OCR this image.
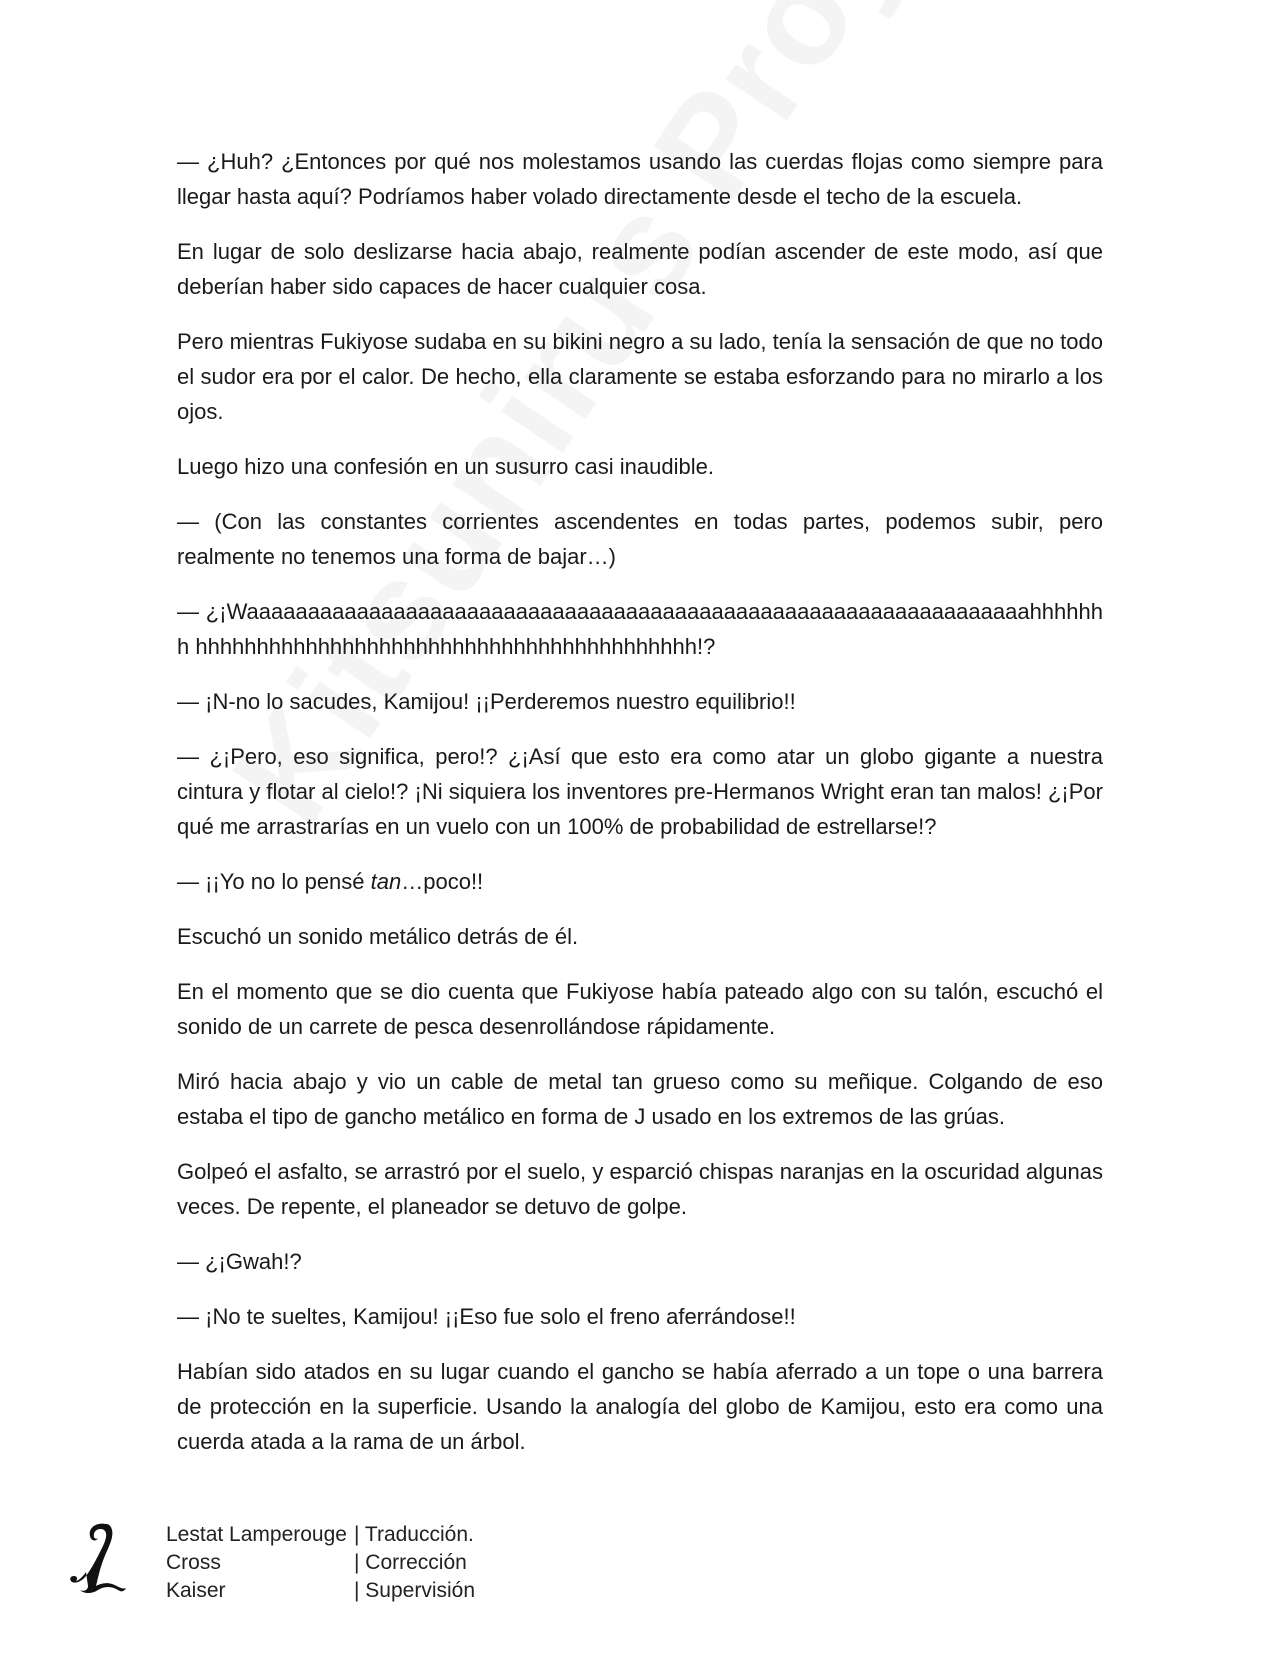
— ¿Huh? ¿Entonces por qué nos molestamos usando las cuerdas flojas como siempre para llegar hasta aquí? Podríamos haber volado directamente desde el techo de la escuela.

En lugar de solo deslizarse hacia abajo, realmente podían ascender de este modo, así que deberían haber sido capaces de hacer cualquier cosa.

Pero mientras Fukiyose sudaba en su bikini negro a su lado, tenía la sensación de que no todo el sudor era por el calor. De hecho, ella claramente se estaba esforzando para no mirarlo a los ojos.

Luego hizo una confesión en un susurro casi inaudible.

— (Con las constantes corrientes ascendentes en todas partes, podemos subir, pero realmente no tenemos una forma de bajar…)

— ¿¡Waaaaaaaaaaaaaaaaaaaaaaaaaaaaaaaaaaaaaaaaaaaaaaaaaaaaaaaaaaaaaaaahhhhhhh hhhhhhhhhhhhhhhhhhhhhhhhhhhhhhhhhhhhhhhhh!?

— ¡N-no lo sacudes, Kamijou! ¡¡Perderemos nuestro equilibrio!!

— ¿¡Pero, eso significa, pero!? ¿¡Así que esto era como atar un globo gigante a nuestra cintura y flotar al cielo!? ¡Ni siquiera los inventores pre-Hermanos Wright eran tan malos! ¿¡Por qué me arrastrarías en un vuelo con un 100% de probabilidad de estrellarse!?

— ¡¡Yo no lo pensé tan…poco!!

Escuchó un sonido metálico detrás de él.

En el momento que se dio cuenta que Fukiyose había pateado algo con su talón, escuchó el sonido de un carrete de pesca desenrollándose rápidamente.

Miró hacia abajo y vio un cable de metal tan grueso como su meñique. Colgando de eso estaba el tipo de gancho metálico en forma de J usado en los extremos de las grúas.

Golpeó el asfalto, se arrastró por el suelo, y esparció chispas naranjas en la oscuridad algunas veces. De repente, el planeador se detuvo de golpe.

— ¿¡Gwah!?

— ¡No te sueltes, Kamijou! ¡¡Eso fue solo el freno aferrándose!!

Habían sido atados en su lugar cuando el gancho se había aferrado a un tope o una barrera de protección en la superficie. Usando la analogía del globo de Kamijou, esto era como una cuerda atada a la rama de un árbol.

Lestat Lamperouge | Traducción.
Cross	| Corrección
Kaiser	| Supervisión
